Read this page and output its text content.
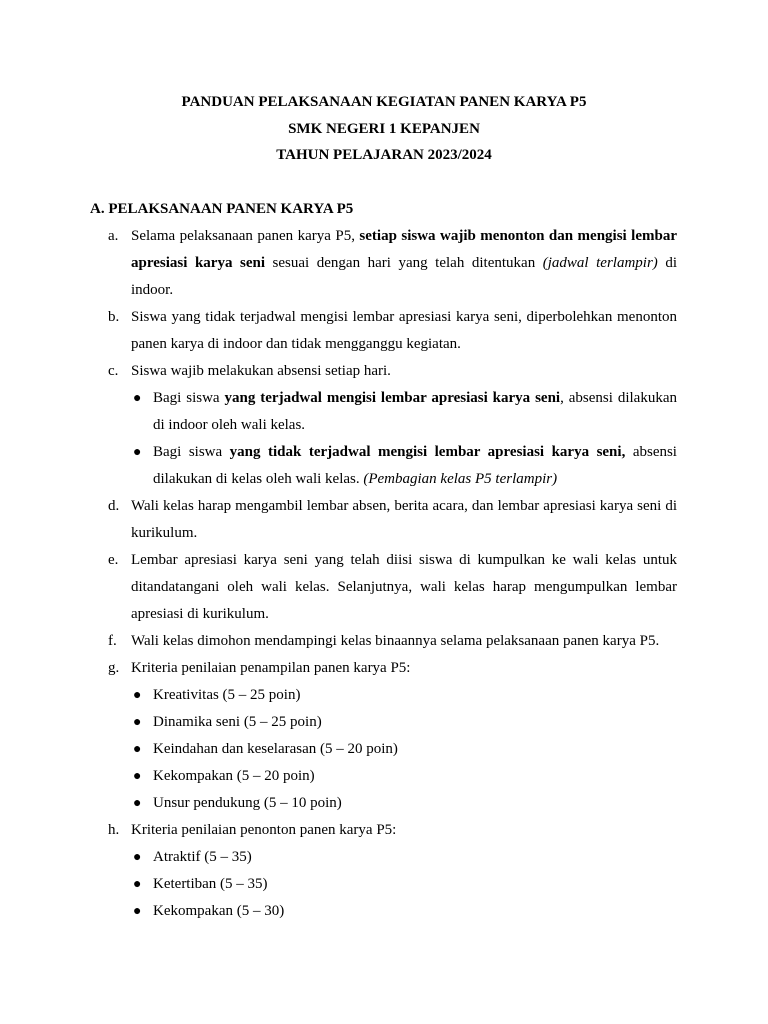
PANDUAN PELAKSANAAN KEGIATAN PANEN KARYA P5
SMK NEGERI 1 KEPANJEN
TAHUN PELAJARAN 2023/2024
A. PELAKSANAAN PANEN KARYA P5
a. Selama pelaksanaan panen karya P5, setiap siswa wajib menonton dan mengisi lembar apresiasi karya seni sesuai dengan hari yang telah ditentukan (jadwal terlampir) di indoor.
b. Siswa yang tidak terjadwal mengisi lembar apresiasi karya seni, diperbolehkan menonton panen karya di indoor dan tidak mengganggu kegiatan.
c. Siswa wajib melakukan absensi setiap hari.
● Bagi siswa yang terjadwal mengisi lembar apresiasi karya seni, absensi dilakukan di indoor oleh wali kelas.
● Bagi siswa yang tidak terjadwal mengisi lembar apresiasi karya seni, absensi dilakukan di kelas oleh wali kelas. (Pembagian kelas P5 terlampir)
d. Wali kelas harap mengambil lembar absen, berita acara, dan lembar apresiasi karya seni di kurikulum.
e. Lembar apresiasi karya seni yang telah diisi siswa di kumpulkan ke wali kelas untuk ditandatangani oleh wali kelas. Selanjutnya, wali kelas harap mengumpulkan lembar apresiasi di kurikulum.
f. Wali kelas dimohon mendampingi kelas binaannya selama pelaksanaan panen karya P5.
g. Kriteria penilaian penampilan panen karya P5:
● Kreativitas (5 – 25 poin)
● Dinamika seni (5 – 25 poin)
● Keindahan dan keselarasan (5 – 20 poin)
● Kekompakan (5 – 20 poin)
● Unsur pendukung (5 – 10 poin)
h. Kriteria penilaian penonton panen karya P5:
● Atraktif (5 – 35)
● Ketertiban (5 – 35)
● Kekompakan (5 – 30)
